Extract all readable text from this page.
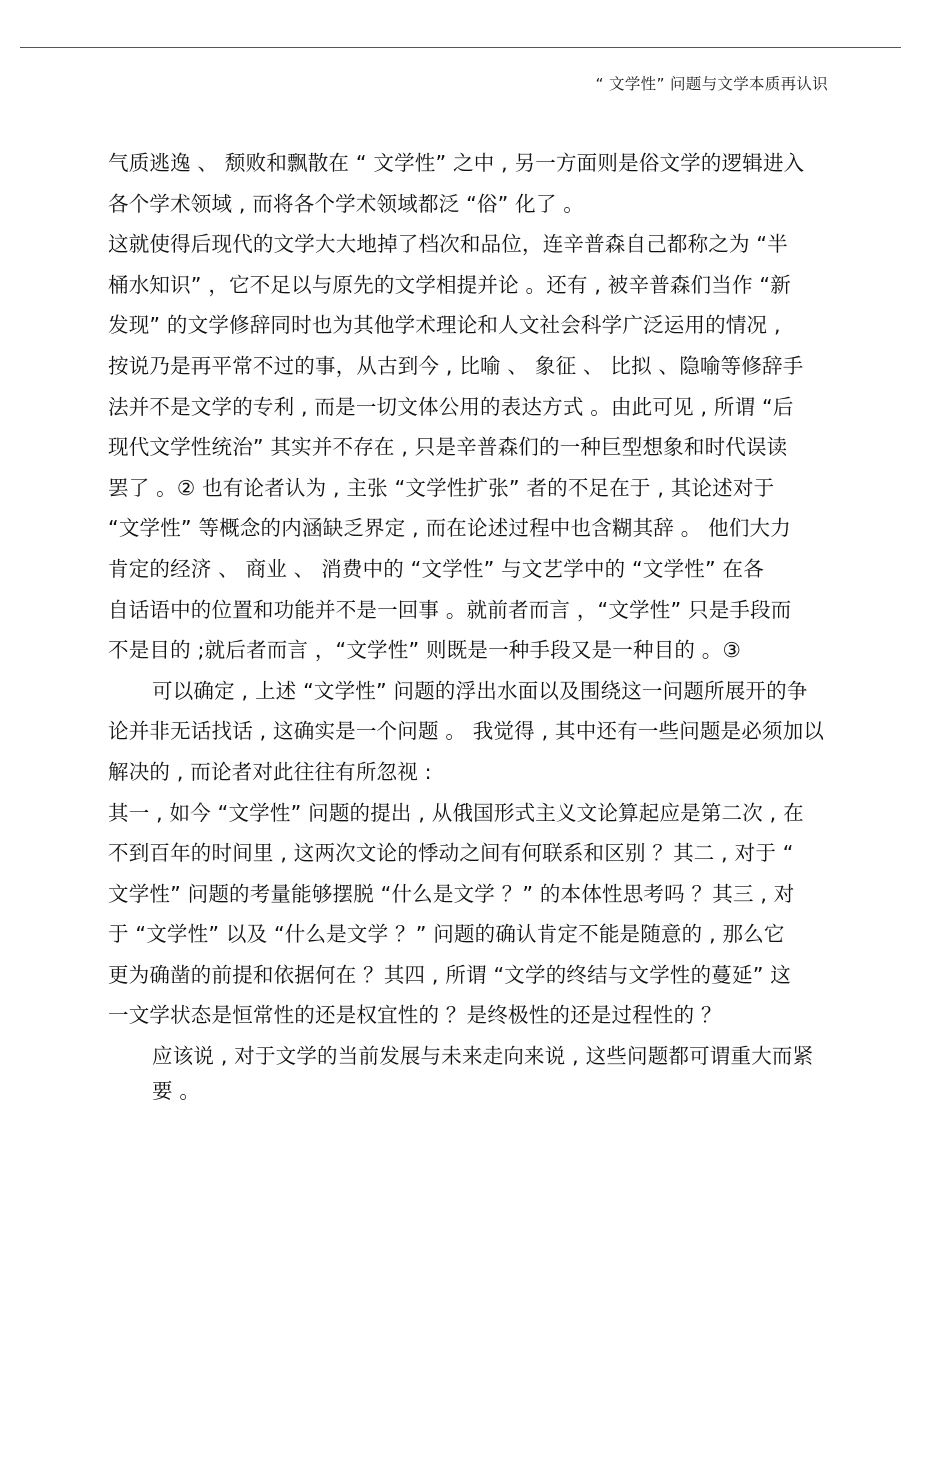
“ 文学性” 问题与文学本质再认识
气质逃逸 、 颓败和飘散在 “ 文学性” 之中 , 另一方面则是俗文学的逻辑进入
各个学术领域 , 而将各个学术领域都泛 “俗” 化了 。
这就使得后现代的文学大大地掉了档次和品位，连辛普森自己都称之为 “半
桶水知识” ，它不足以与原先的文学相提并论 。还有 , 被辛普森们当作 “新
发现” 的文学修辞同时也为其他学术理论和人文社会科学广泛运用的情况 ,
按说乃是再平常不过的事，从古到今 , 比喻 、 象征 、 比拟 、隐喻等修辞手
法并不是文学的专利 , 而是一切文体公用的表达方式 。由此可见 , 所谓 “后
现代文学性统治” 其实并不存在 , 只是辛普森们的一种巨型想象和时代误读
罢了 。② 也有论者认为 , 主张 “文学性扩张” 者的不足在于 , 其论述对于
“文学性” 等概念的内涵缺乏界定 , 而在论述过程中也含糊其辞 。 他们大力
肯定的经济 、 商业 、 消费中的 “文学性” 与文艺学中的 “文学性” 在各
自话语中的位置和功能并不是一回事 。就前者而言 ，“文学性” 只是手段而
不是目的 ;就后者而言 ，“文学性” 则既是一种手段又是一种目的 。③
可以确定 , 上述 “文学性” 问题的浮出水面以及围绕这一问题所展开的争
论并非无话找话 , 这确实是一个问题 。 我觉得 , 其中还有一些问题是必须加以
解决的 , 而论者对此往往有所忽视 :
其一 , 如今 “文学性” 问题的提出 , 从俄国形式主义文论算起应是第二次 , 在
不到百年的时间里 , 这两次文论的悸动之间有何联系和区别 ？其二 , 对于 “
文学性” 问题的考量能够摆脱 “什么是文学 ？” 的本体性思考吗 ？其三 , 对
于 “文学性” 以及 “什么是文学 ？” 问题的确认肯定不能是随意的 , 那么它
更为确凿的前提和依据何在 ？其四 , 所谓 “文学的终结与文学性的蔓延” 这
一文学状态是恒常性的还是权宜性的 ？是终极性的还是过程性的 ？
应该说 , 对于文学的当前发展与未来走向来说 , 这些问题都可谓重大而紧
要 。
